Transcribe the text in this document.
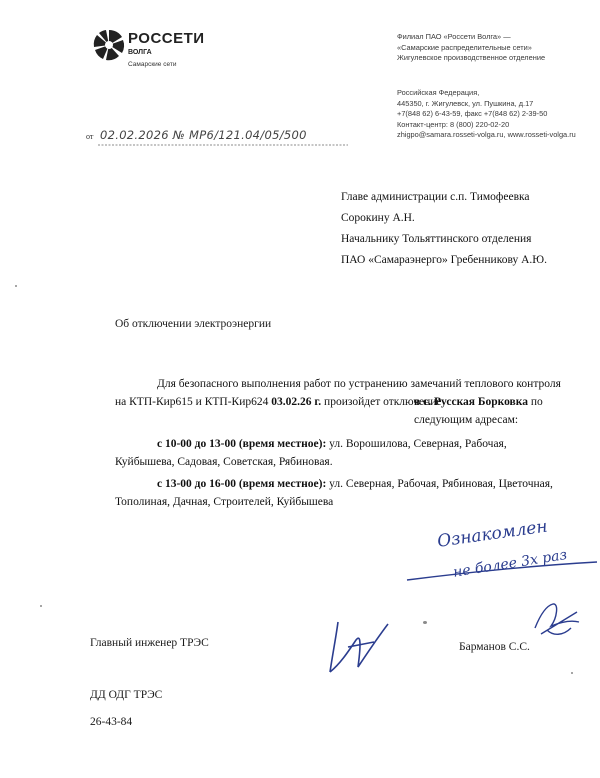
РОССЕТИ
ВОЛГА
Самарские сети
Филиал ПАО «Россети Волга» —
«Самарские распределительные сети»
Жигулевское производственное отделение
Российская Федерация,
445350, г. Жигулевск, ул. Пушкина, д.17
+7(848 62) 6-43-59, факс +7(848 62) 2-39-50
Контакт-центр: 8 (800) 220-02-20
zhigpo@samara.rosseti-volga.ru, www.rosseti-volga.ru
от 02.02.2026 № МР6/121.04/05/500
Главе администрации с.п. Тимофеевка
Сорокину А.Н.
Начальнику Тольяттинского отделения
ПАО «Самараэнерго» Гребенникову А.Ю.
Об отключении электроэнергии
Для безопасного выполнения работ по устранению замечаний теплового контроля
на КТП-Кир615 и КТП-Кир624 03.02.26 г. произойдет отключение
в с. Русская Борковка по следующим адресам:
с 10-00 до 13-00 (время местное): ул. Ворошилова, Северная, Рабочая,
Куйбышева, Садовая, Советская, Рябиновая.
с 13-00 до 16-00 (время местное): ул. Северная, Рабочая, Рябиновая, Цветочная,
Тополиная, Дачная, Строителей, Куйбышева
Ознакомлен
не более 3х раз
Главный инженер ТРЭС	Барманов С.С.
ДД ОДГ ТРЭС
26-43-84
